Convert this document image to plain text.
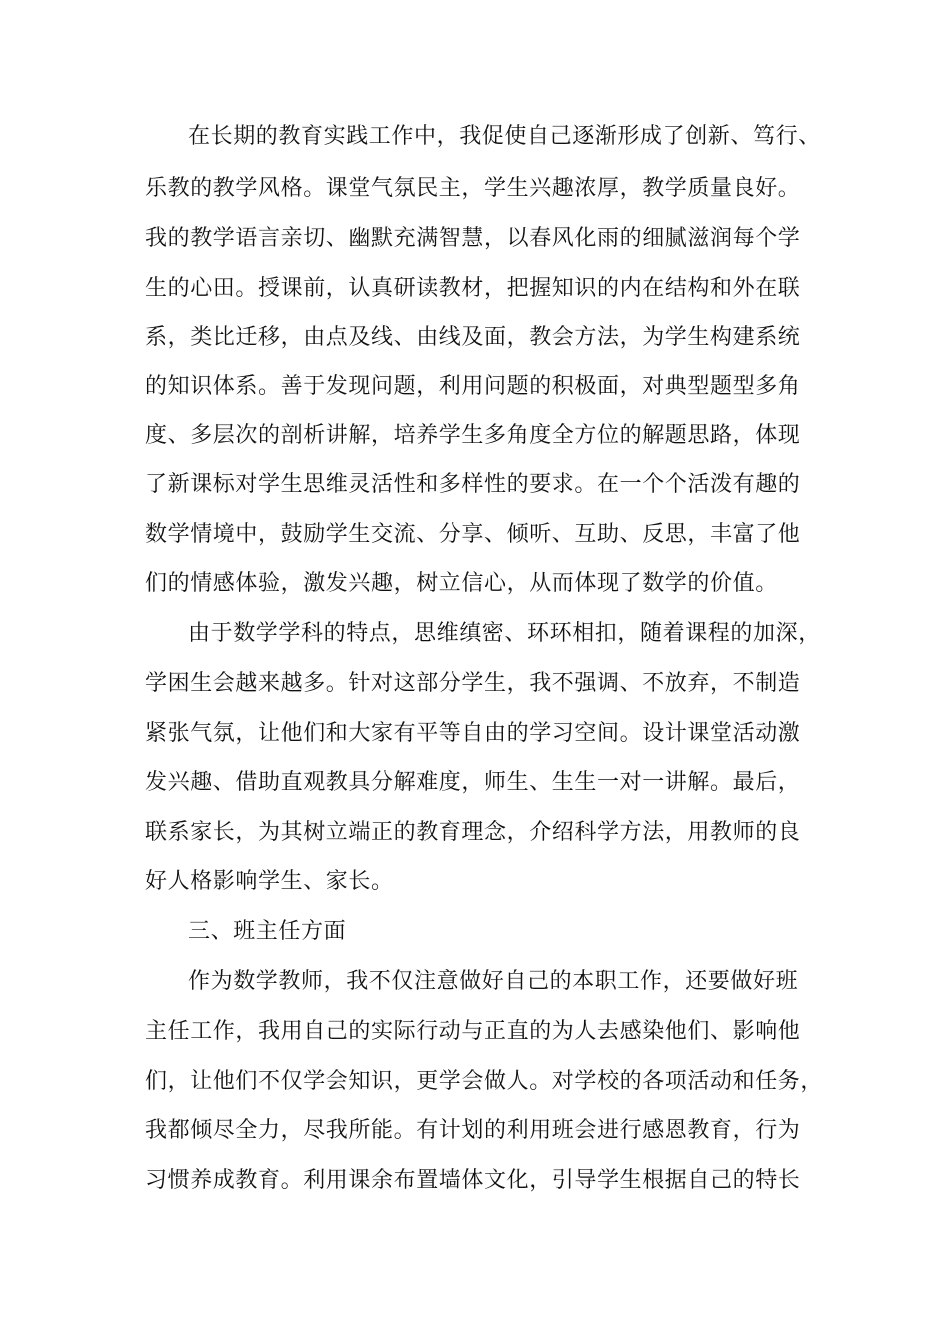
在长期的教育实践工作中，我促使自己逐渐形成了创新、笃行、
乐教的教学风格。课堂气氛民主，学生兴趣浓厚，教学质量良好。
我的教学语言亲切、幽默充满智慧，以春风化雨的细腻滋润每个学
生的心田。授课前，认真研读教材，把握知识的内在结构和外在联
系，类比迁移，由点及线、由线及面，教会方法，为学生构建系统
的知识体系。善于发现问题，利用问题的积极面，对典型题型多角
度、多层次的剖析讲解，培养学生多角度全方位的解题思路，体现
了新课标对学生思维灵活性和多样性的要求。在一个个活泼有趣的
数学情境中，鼓励学生交流、分享、倾听、互助、反思，丰富了他
们的情感体验，激发兴趣，树立信心，从而体现了数学的价值。
由于数学学科的特点，思维缜密、环环相扣，随着课程的加深，
学困生会越来越多。针对这部分学生，我不强调、不放弃，不制造
紧张气氛，让他们和大家有平等自由的学习空间。设计课堂活动激
发兴趣、借助直观教具分解难度，师生、生生一对一讲解。最后，
联系家长，为其树立端正的教育理念，介绍科学方法，用教师的良
好人格影响学生、家长。
三、班主任方面
作为数学教师，我不仅注意做好自己的本职工作，还要做好班
主任工作，我用自己的实际行动与正直的为人去感染他们、影响他
们，让他们不仅学会知识，更学会做人。对学校的各项活动和任务，
我都倾尽全力，尽我所能。有计划的利用班会进行感恩教育，行为
习惯养成教育。利用课余布置墙体文化，引导学生根据自己的特长
